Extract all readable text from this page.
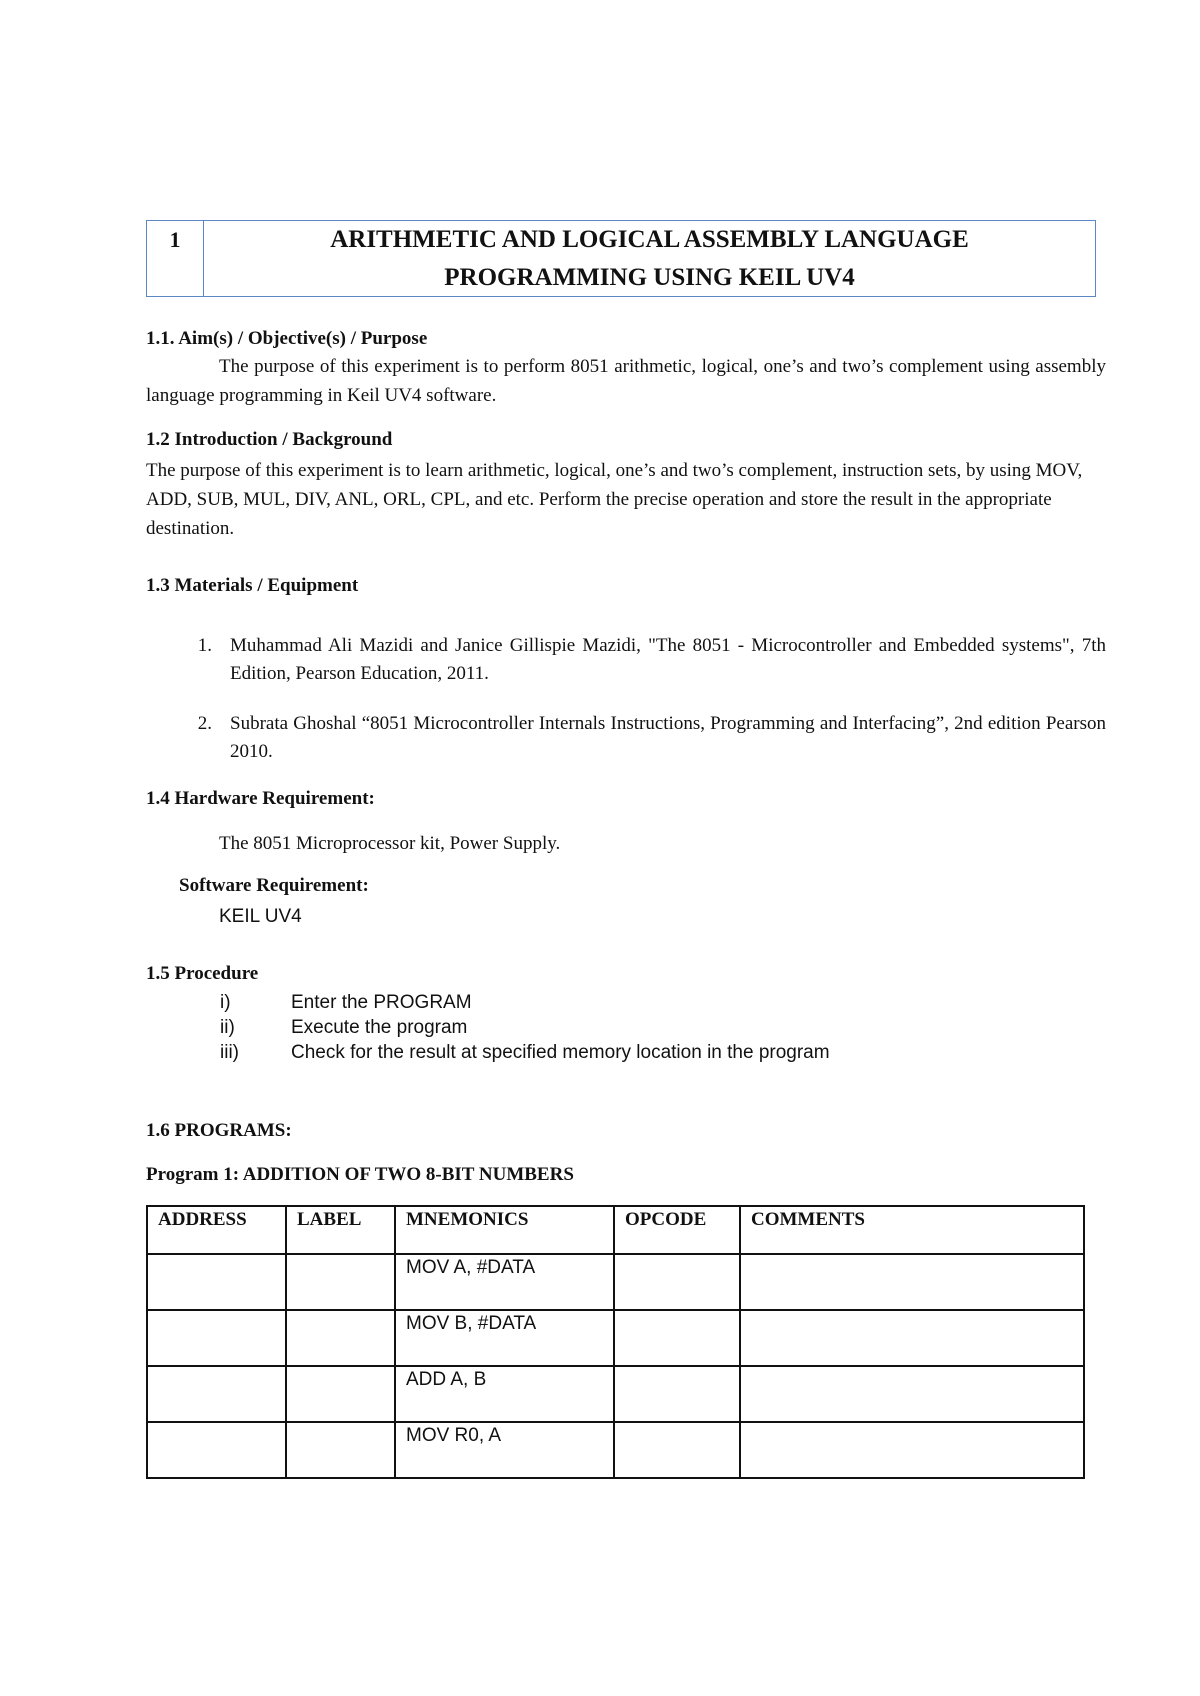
1	ARITHMETIC AND LOGICAL ASSEMBLY LANGUAGE
PROGRAMMING USING KEIL UV4
1.1. Aim(s) / Objective(s) / Purpose
The purpose of this experiment is to perform 8051 arithmetic, logical, one’s and two’s complement using assembly language programming in Keil UV4 software.
1.2 Introduction / Background
The purpose of this experiment is to learn arithmetic, logical, one’s and two’s complement, instruction sets, by using MOV, ADD, SUB, MUL, DIV, ANL, ORL, CPL, and etc. Perform the precise operation and store the result in the appropriate destination.
1.3 Materials / Equipment
1. Muhammad Ali Mazidi and Janice Gillispie Mazidi, "The 8051 - Microcontroller and Embedded systems", 7th Edition, Pearson Education, 2011.
2. Subrata Ghoshal “8051 Microcontroller Internals Instructions, Programming and Interfacing”, 2nd edition Pearson 2010.
1.4 Hardware Requirement:
The 8051 Microprocessor kit, Power Supply.
Software Requirement:
KEIL UV4
1.5 Procedure
i)	Enter the PROGRAM
ii)	Execute the program
iii)	Check for the result at specified memory location in the program
1.6 PROGRAMS:
Program 1: ADDITION OF TWO 8-BIT NUMBERS
ADDRESS	LABEL	MNEMONICS	OPCODE	COMMENTS
		MOV A, #DATA		
		MOV B, #DATA		
		ADD A, B		
		MOV R0, A		
